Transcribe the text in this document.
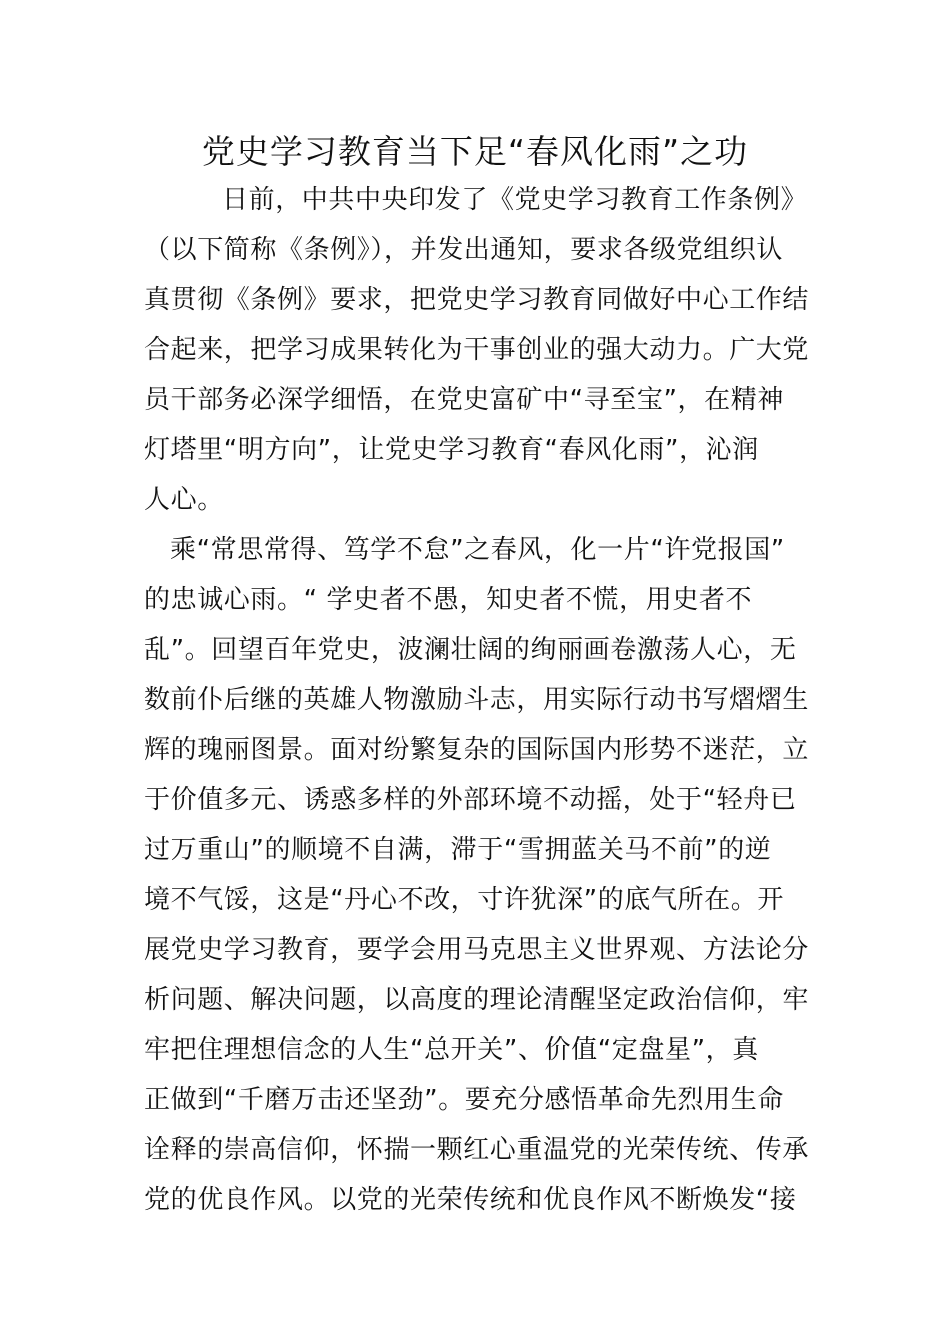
党史学习教育当下足“春风化雨”之功

日前，中共中央印发了《党史学习教育工作条例》

（以下简称《条例》），并发出通知，要求各级党组织认

真贯彻《条例》要求，把党史学习教育同做好中心工作结

合起来，把学习成果转化为干事创业的强大动力。广大党

员干部务必深学细悟，在党史富矿中“寻至宝”，在精神

灯塔里“明方向”，让党史学习教育“春风化雨”，沁润

人心。

乘“常思常得、笃学不怠”之春风，化一片“许党报国”

的忠诚心雨。“ 学史者不愚，知史者不慌，用史者不

乱”。回望百年党史，波澜壮阔的绚丽画卷激荡人心，无

数前仆后继的英雄人物激励斗志，用实际行动书写熠熠生

辉的瑰丽图景。面对纷繁复杂的国际国内形势不迷茫，立

于价值多元、诱惑多样的外部环境不动摇，处于“轻舟已

过万重山”的顺境不自满，滞于“雪拥蓝关马不前”的逆

境不气馁，这是“丹心不改，寸许犹深”的底气所在。开

展党史学习教育，要学会用马克思主义世界观、方法论分

析问题、解决问题，以高度的理论清醒坚定政治信仰，牢

牢把住理想信念的人生“总开关”、价值“定盘星”，真

正做到“千磨万击还坚劲”。要充分感悟革命先烈用生命

诠释的崇高信仰，怀揣一颗红心重温党的光荣传统、传承

党的优良作风。以党的光荣传统和优良作风不断焕发“接
